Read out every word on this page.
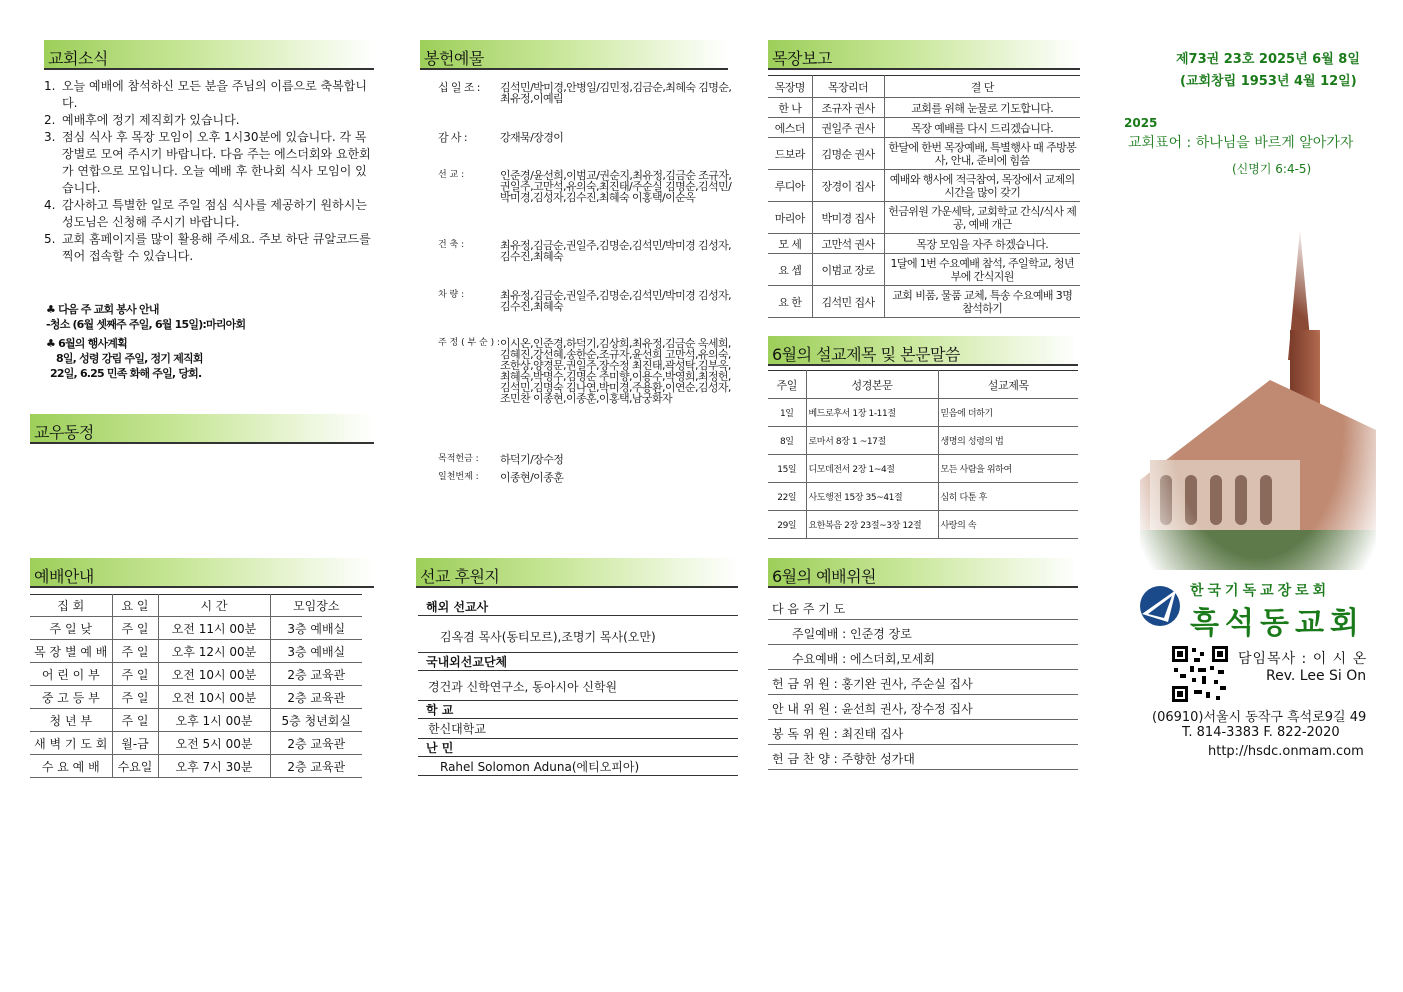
교회소식	봉헌예물	목장보고
교우동정
예배안내	선교 후원지
6월의 설교제목 및 본문말씀
6월의 예배위원
1. 오늘 예배에 참석하신 모든 분을 주님의 이름으로 축복합니다.
2. 예배후에 정기 제직회가 있습니다.
3. 점심 식사 후 목장 모임이 오후 1시30분에 있습니다. 각 목장별로 모여 주시기 바랍니다. 다음 주는 에스더회와 요한회가 연합으로 모입니다. 오늘 예배 후 한나회 식사 모임이 있습니다.
4. 감사하고 특별한 일로 주일 점심 식사를 제공하기 원하시는 성도님은 신청해 주시기 바랍니다.
5. 교회 홈페이지를 많이 활용해 주세요. 주보 하단 큐알코드를 찍어 접속할 수 있습니다.
♣ 다음 주 교회 봉사 안내
-청소 (6월 셋째주 주일, 6월 15일):마리아회
♣ 6월의 행사계획
8일, 성령 강림 주일, 정기 제직회
22일, 6.25 민족 화해 주일, 당회.
십 일 조 :	김석민/박미경,안병일/김민정,김금순,최혜숙 김명순,최유정,이예림
감 사 :	강재묵/장경이
선 교 :	인준경/윤선희,이범교/권순지,최유정,김금순 조규자,권일주,고만석,유의숙,최진태/주순실 김명순,김석민/박미경,김성자,김수진,최혜숙 이홍택/이순옥
건 축 :	최유정,김금순,권일주,김명순,김석민/박미경 김성자,김수진,최혜숙
차 량 :	최유정,김금순,권일주,김명순,김석민/박미경 김성자,김수진,최혜숙
주 정 ( 부 순 ) : 이시온,인준경,하덕기,김상희,최유정,김금순 옥세희,김혜진,강선혜,송한순,조규자,윤선희 고만석,유의숙,조한상,양경문,권일주,장수정 최진태,곽성탁,김부옥,최혜숙,박명수,김명순 주미향,이용수,박영희,최정헌,김석민,김명숙 김나연,박미경,주용환,이연순,김성자,조민찬 이종현,이종훈,이홍택,남궁화자
목적헌금 :	하덕기/장수정
일천번제 :	이종현/이종훈
목장명	목장리더	결 단
한 나	조규자 권사	교회를 위해 눈물로 기도합니다.
에스더	권일주 권사	목장 예배를 다시 드리겠습니다.
드보라	김명순 권사	한달에 한번 목장예배, 특별행사 때 주방봉사, 안내, 준비에 힘씀
루디아	장경이 집사	예배와 행사에 적극참여, 목장에서 교제의 시간을 많이 갖기
마리아	박미경 집사	헌금위원 가운세탁, 교회학교 간식/식사 제공, 예배 개근
모 세	고만석 권사	목장 모임을 자주 하겠습니다.
요 셉	이범교 장로	1달에 1번 수요예배 참석, 주일학교, 청년부에 간식지원
요 한	김석민 집사	교회 비품, 물품 교체, 특송 수요예배 3명 참석하기
주일	성경본문	설교제목
1일	베드로후서 1장 1-11절	믿음에 더하기
8일	로마서 8장 1 ~17절	생명의 성령의 법
15일	디모데전서 2장 1~4절	모든 사람을 위하여
22일	사도행전 15장 35~41절	심히 다툰 후
29일	요한복음 2장 23절~3장 12절	사랑의 속
집 회	요 일	시 간	모임장소
주 일 낮	주 일	오전 11시 00분	3층 예배실
목 장 별 예 배	주 일	오후 12시 00분	3층 예배실
어 린 이 부	주 일	오전 10시 00분	2층 교육관
중 고 등 부	주 일	오전 10시 00분	2층 교육관
청 년 부	주 일	오후 1시 00분	5층 청년회실
새 벽 기 도 회	월-금	오전 5시 00분	2층 교육관
수 요 예 배	수요일	오후 7시 30분	2층 교육관
해외 선교사
김옥겸 목사(동티모르),조명기 목사(오만)
국내외선교단체
경건과 신학연구소, 동아시아 신학원
학 교
한신대학교
난 민
Rahel Solomon Aduna(에티오피아)
다 음 주 기 도
주일예배 : 인준경 장로
수요예배 : 에스더회,모세회
헌 금 위 원 : 홍기완 권사, 주순실 집사
안 내 위 원 : 윤선희 권사, 장수정 집사
봉 독 위 원 : 최진태 집사
헌 금 찬 양 : 주향한 성가대
제73권 23호 2025년 6월 8일
(교회창립 1953년 4월 12일)
2025
교회표어 : 하나님을 바르게 알아가자
(신명기 6:4-5)
한국기독교장로회
흑석동교회
담임목사 : 이 시 온
Rev. Lee Si On
(06910)서울시 동작구 흑석로9길 49
T. 814-3383 F. 822-2020
http://hsdc.onmam.com
